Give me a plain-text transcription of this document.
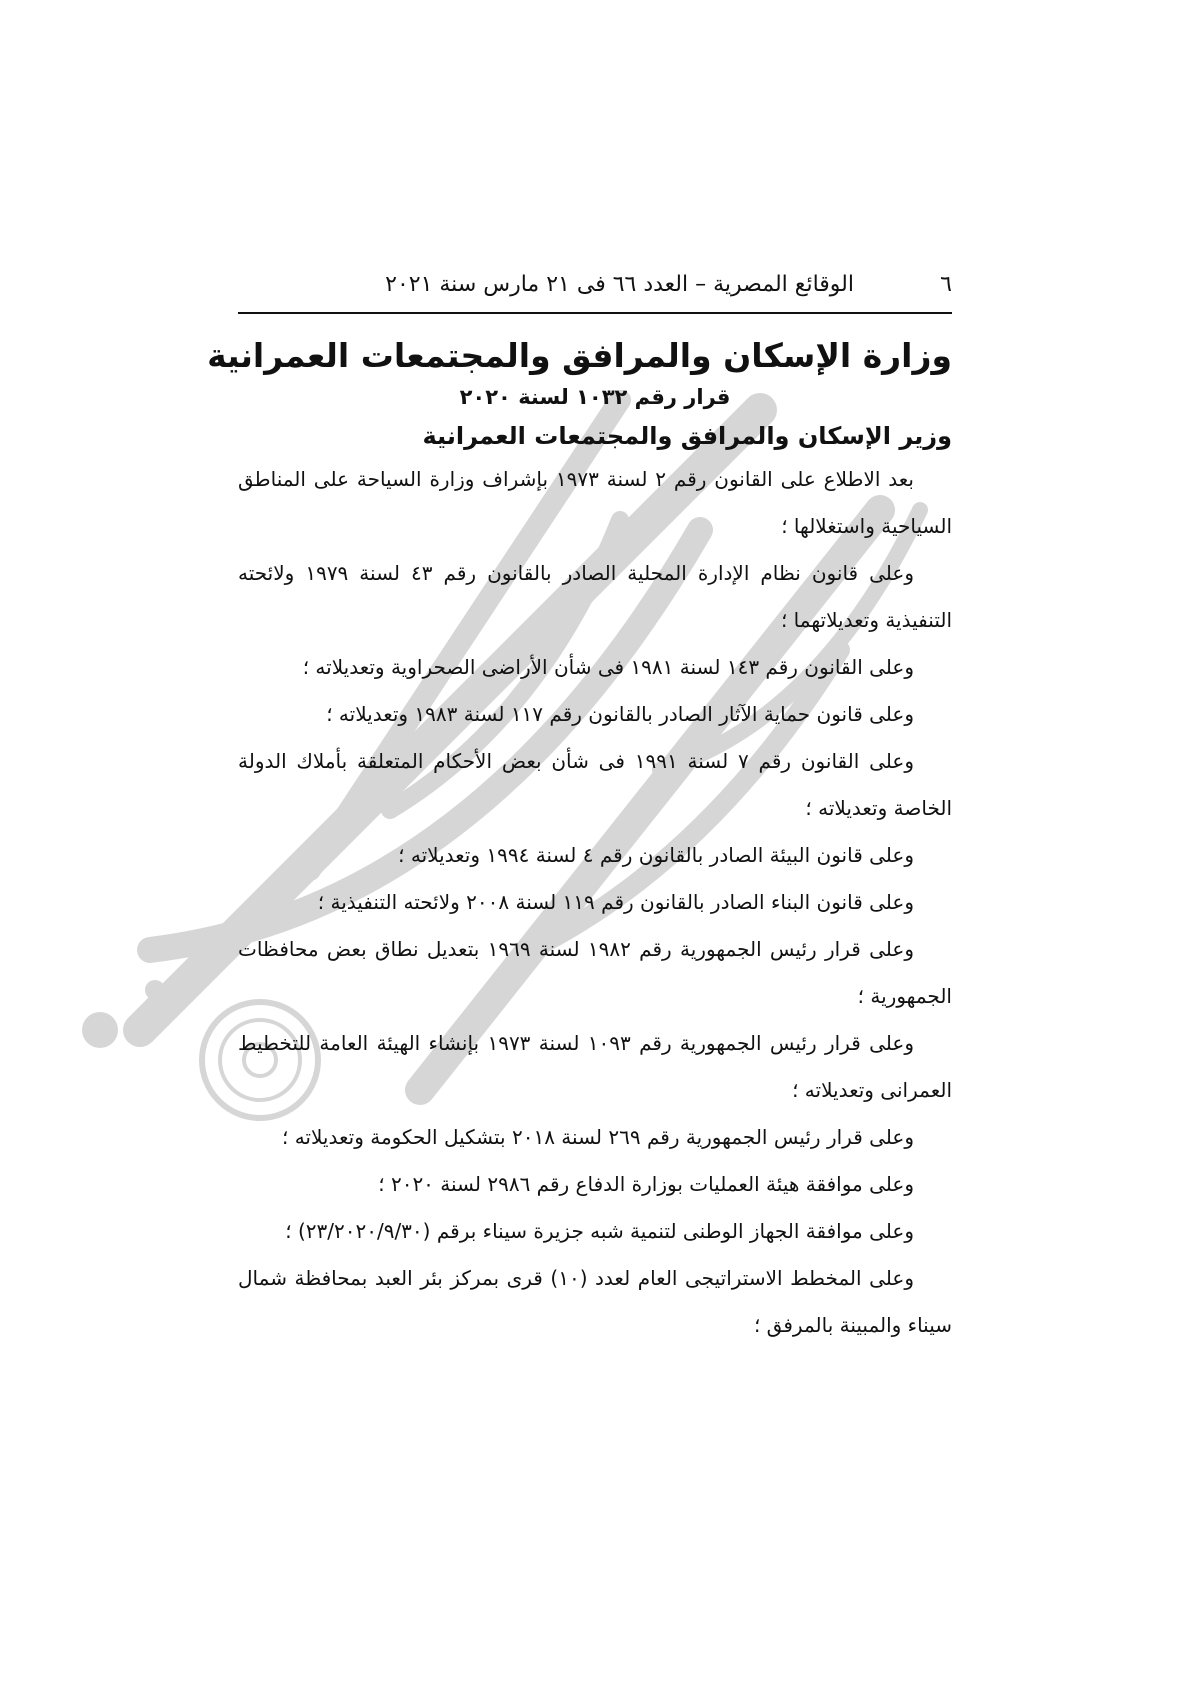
٦
الوقائع المصرية – العدد ٦٦ فى ٢١ مارس سنة ٢٠٢١
وزارة الإسكان والمرافق والمجتمعات العمرانية
قرار رقم ١٠٣٢ لسنة ٢٠٢٠
وزير الإسكان والمرافق والمجتمعات العمرانية

بعد الاطلاع على القانون رقم ٢ لسنة ١٩٧٣ بإشراف وزارة السياحة على المناطق السياحية واستغلالها ؛

وعلى قانون نظام الإدارة المحلية الصادر بالقانون رقم ٤٣ لسنة ١٩٧٩ ولائحته التنفيذية وتعديلاتهما ؛

وعلى القانون رقم ١٤٣ لسنة ١٩٨١ فى شأن الأراضى الصحراوية وتعديلاته ؛

وعلى قانون حماية الآثار الصادر بالقانون رقم ١١٧ لسنة ١٩٨٣ وتعديلاته ؛

وعلى القانون رقم ٧ لسنة ١٩٩١ فى شأن بعض الأحكام المتعلقة بأملاك الدولة الخاصة وتعديلاته ؛

وعلى قانون البيئة الصادر بالقانون رقم ٤ لسنة ١٩٩٤ وتعديلاته ؛

وعلى قانون البناء الصادر بالقانون رقم ١١٩ لسنة ٢٠٠٨ ولائحته التنفيذية ؛

وعلى قرار رئيس الجمهورية رقم ١٩٨٢ لسنة ١٩٦٩ بتعديل نطاق بعض محافظات الجمهورية ؛

وعلى قرار رئيس الجمهورية رقم ١٠٩٣ لسنة ١٩٧٣ بإنشاء الهيئة العامة للتخطيط العمرانى وتعديلاته ؛

وعلى قرار رئيس الجمهورية رقم ٢٦٩ لسنة ٢٠١٨ بتشكيل الحكومة وتعديلاته ؛

وعلى موافقة هيئة العمليات بوزارة الدفاع رقم ٢٩٨٦ لسنة ٢٠٢٠ ؛

وعلى موافقة الجهاز الوطنى لتنمية شبه جزيرة سيناء برقم (٢٣/٢٠٢٠/٩/٣٠) ؛

وعلى المخطط الاستراتيجى العام لعدد (١٠) قرى بمركز بئر العبد بمحافظة شمال سيناء والمبينة بالمرفق ؛
